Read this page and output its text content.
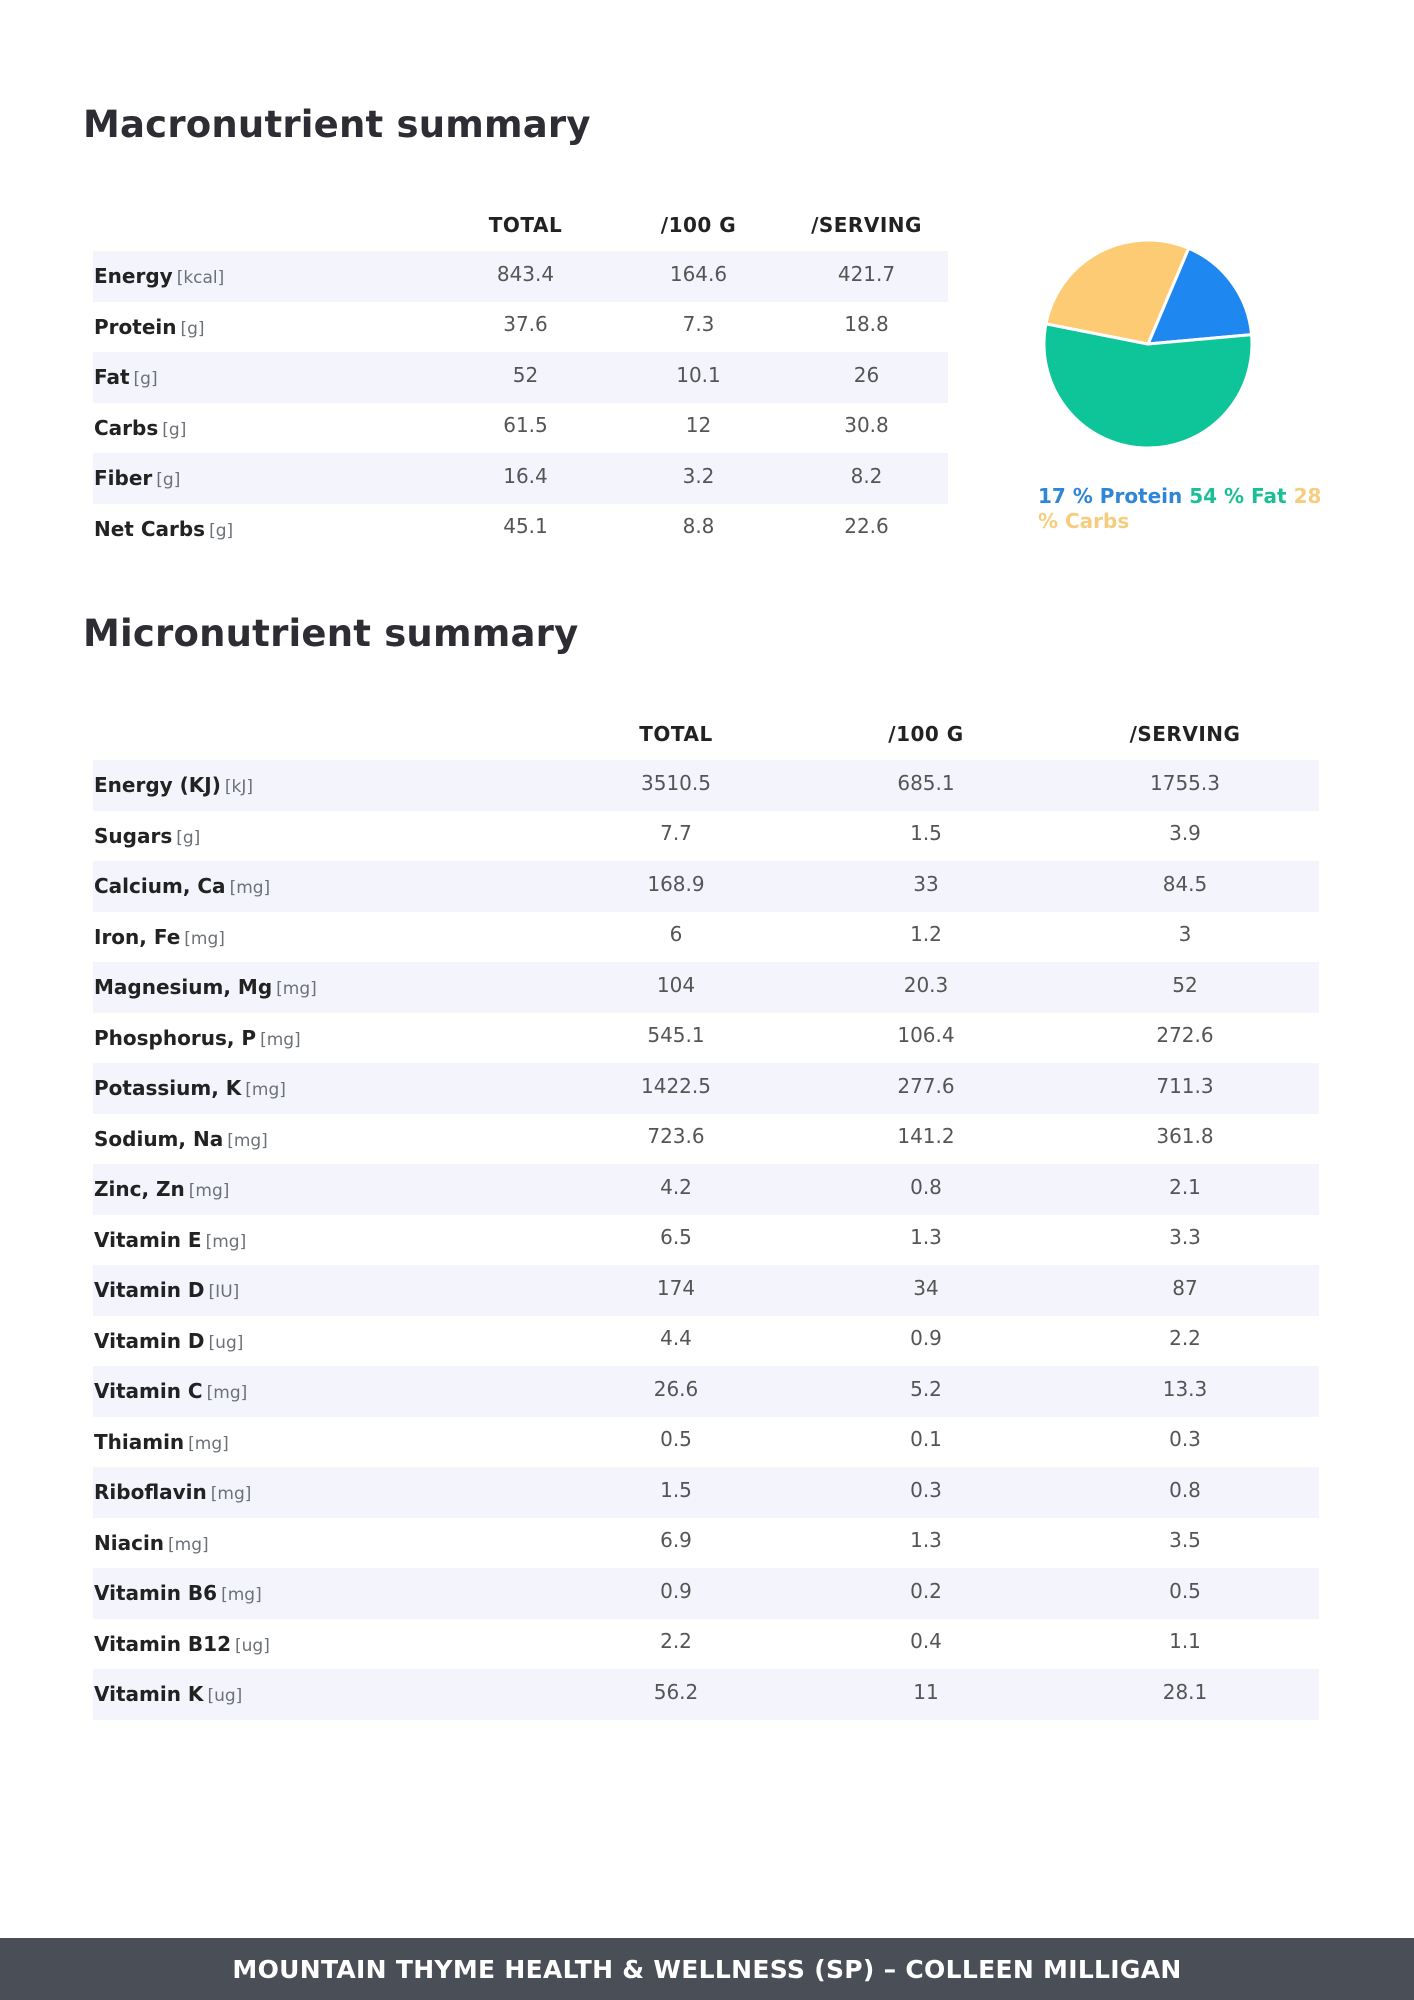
Macronutrient summary
	TOTAL	/100 G	/SERVING
Energy [kcal]	843.4	164.6	421.7
Protein [g]	37.6	7.3	18.8
Fat [g]	52	10.1	26
Carbs [g]	61.5	12	30.8
Fiber [g]	16.4	3.2	8.2
Net Carbs [g]	45.1	8.8	22.6
17 % Protein 54 % Fat 28 % Carbs
Micronutrient summary
	TOTAL	/100 G	/SERVING
Energy (KJ) [kJ]	3510.5	685.1	1755.3
Sugars [g]	7.7	1.5	3.9
Calcium, Ca [mg]	168.9	33	84.5
Iron, Fe [mg]	6	1.2	3
Magnesium, Mg [mg]	104	20.3	52
Phosphorus, P [mg]	545.1	106.4	272.6
Potassium, K [mg]	1422.5	277.6	711.3
Sodium, Na [mg]	723.6	141.2	361.8
Zinc, Zn [mg]	4.2	0.8	2.1
Vitamin E [mg]	6.5	1.3	3.3
Vitamin D [IU]	174	34	87
Vitamin D [ug]	4.4	0.9	2.2
Vitamin C [mg]	26.6	5.2	13.3
Thiamin [mg]	0.5	0.1	0.3
Riboflavin [mg]	1.5	0.3	0.8
Niacin [mg]	6.9	1.3	3.5
Vitamin B6 [mg]	0.9	0.2	0.5
Vitamin B12 [ug]	2.2	0.4	1.1
Vitamin K [ug]	56.2	11	28.1
MOUNTAIN THYME HEALTH & WELLNESS (SP) – COLLEEN MILLIGAN
